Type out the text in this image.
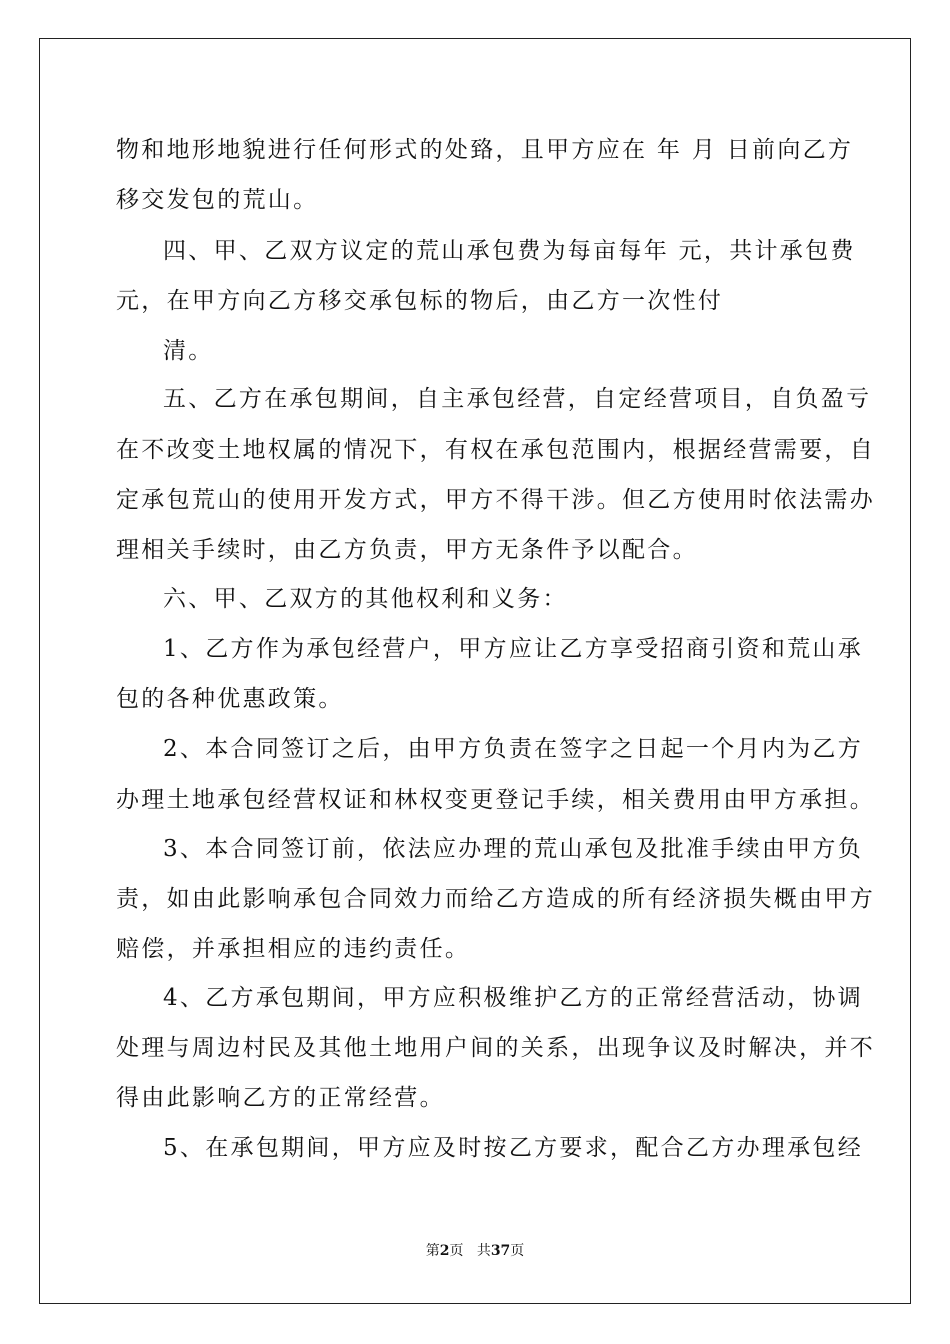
物和地形地貌进行任何形式的处臵，且甲方应在 年 月 日前向乙方
移交发包的荒山。
四、甲、乙双方议定的荒山承包费为每亩每年 元，共计承包费
元，在甲方向乙方移交承包标的物后，由乙方一次性付
清。
五、乙方在承包期间，自主承包经营，自定经营项目，自负盈亏
在不改变土地权属的情况下，有权在承包范围内，根据经营需要，自
定承包荒山的使用开发方式，甲方不得干涉。但乙方使用时依法需办
理相关手续时，由乙方负责，甲方无条件予以配合。
六、甲、乙双方的其他权利和义务：
1、乙方作为承包经营户，甲方应让乙方享受招商引资和荒山承
包的各种优惠政策。
2、本合同签订之后，由甲方负责在签字之日起一个月内为乙方
办理土地承包经营权证和林权变更登记手续，相关费用由甲方承担。
3、本合同签订前，依法应办理的荒山承包及批准手续由甲方负
责，如由此影响承包合同效力而给乙方造成的所有经济损失概由甲方
赔偿，并承担相应的违约责任。
4、乙方承包期间，甲方应积极维护乙方的正常经营活动，协调
处理与周边村民及其他土地用户间的关系，出现争议及时解决，并不
得由此影响乙方的正常经营。
5、在承包期间，甲方应及时按乙方要求，配合乙方办理承包经
第2页 共37页
